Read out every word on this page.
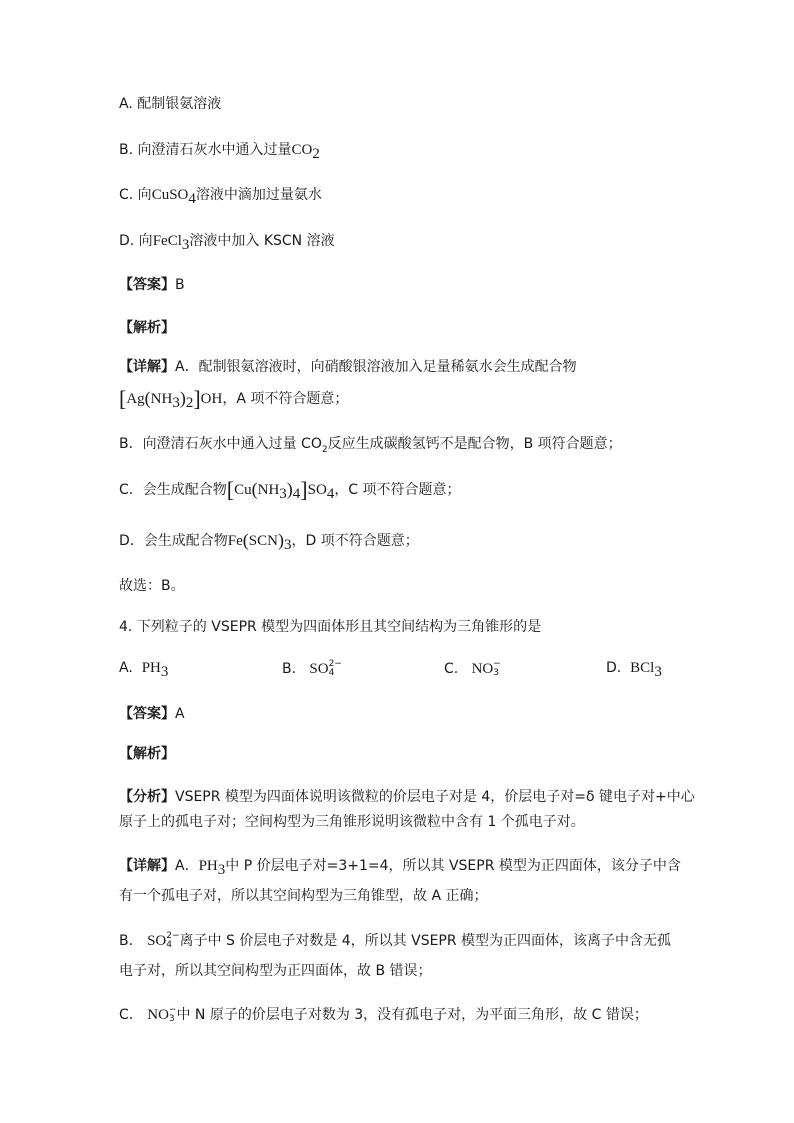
A. 配制银氨溶液
B. 向澄清石灰水中通入过量$CO_2$
C. 向CuSO$_4$溶液中滴加过量氨水
D. 向FeCl$_3$溶液中加入 KSCN 溶液
【答案】B
【解析】
【详解】A．配制银氨溶液时，向硝酸银溶液加入足量稀氨水会生成配合物
$[Ag(NH_3)_2]OH$，A 项不符合题意；
B．向澄清石灰水中通入过量 $CO_2$反应生成碳酸氢钙不是配合物，B 项符合题意；
C．会生成配合物$[Cu(NH_3)_4]SO_4$，C 项不符合题意；
D．会生成配合物$Fe(SCN)_3$，D 项不符合题意；
故选：B。
4. 下列粒子的 VSEPR 模型为四面体形且其空间结构为三角锥形的是
A. $PH_3$	B. SO 2−
4	C. NO −
3	D. BCl$_3$
【答案】A
【解析】
【分析】VSEPR 模型为四面体说明该微粒的价层电子对是 4，价层电子对=δ 键电子对+中心
原子上的孤电子对；空间构型为三角锥形说明该微粒中含有 1 个孤电子对。
【详解】A．$PH_3$中 P 价层电子对=3+1=4，所以其 VSEPR 模型为正四面体，该分子中含
有一个孤电子对，所以其空间构型为三角锥型，故 A 正确；
B． SO 2−
4 离子中 S 价层电子对数是 4，所以其 VSEPR 模型为正四面体，该离子中含无孤
电子对，所以其空间构型为正四面体，故 B 错误；
C． NO −
3 中 N 原子的价层电子对数为 3，没有孤电子对，为平面三角形，故 C 错误；
